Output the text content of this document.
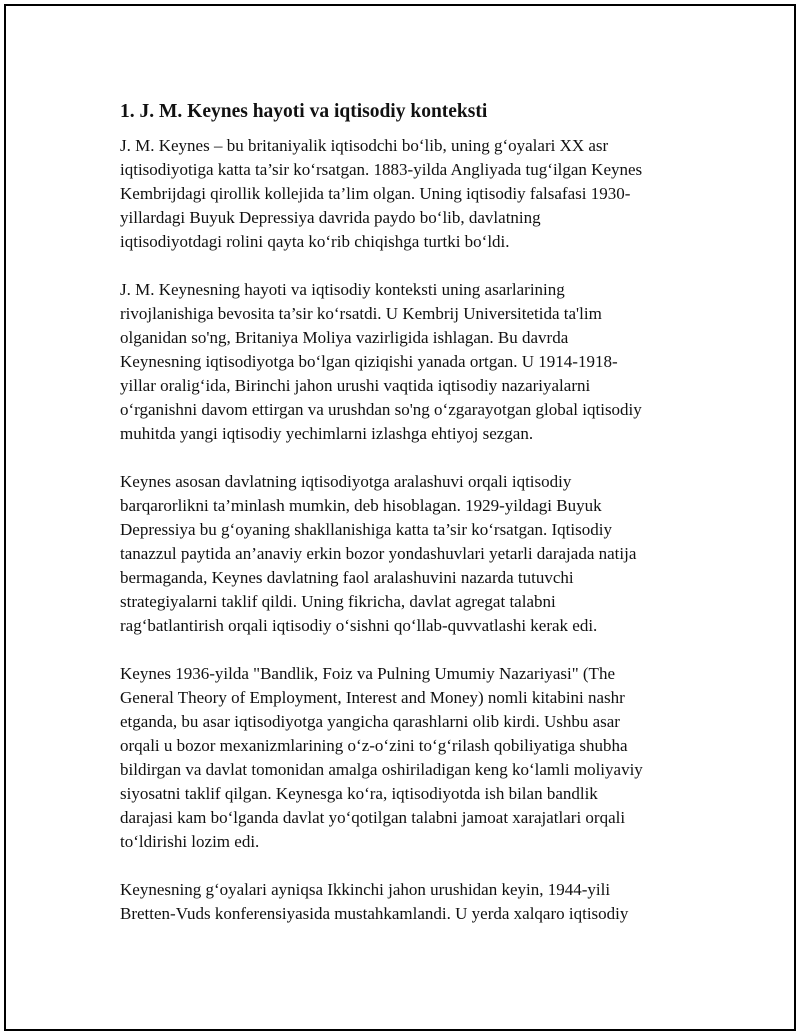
1. J. M. Keynes hayoti va iqtisodiy konteksti

J. M. Keynes – bu britaniyalik iqtisodchi bo‘lib, uning g‘oyalari XX asr
iqtisodiyotiga katta ta’sir ko‘rsatgan. 1883-yilda Angliyada tug‘ilgan Keynes
Kembrijdagi qirollik kollejida ta’lim olgan. Uning iqtisodiy falsafasi 1930-
yillardagi Buyuk Depressiya davrida paydo bo‘lib, davlatning
iqtisodiyotdagi rolini qayta ko‘rib chiqishga turtki bo‘ldi.

J. M. Keynesning hayoti va iqtisodiy konteksti uning asarlarining
rivojlanishiga bevosita ta’sir ko‘rsatdi. U Kembrij Universitetida ta'lim
olganidan so'ng, Britaniya Moliya vazirligida ishlagan. Bu davrda
Keynesning iqtisodiyotga bo‘lgan qiziqishi yanada ortgan. U 1914-1918-
yillar oralig‘ida, Birinchi jahon urushi vaqtida iqtisodiy nazariyalarni
o‘rganishni davom ettirgan va urushdan so'ng o‘zgarayotgan global iqtisodiy
muhitda yangi iqtisodiy yechimlarni izlashga ehtiyoj sezgan.

Keynes asosan davlatning iqtisodiyotga aralashuvi orqali iqtisodiy
barqarorlikni ta’minlash mumkin, deb hisoblagan. 1929-yildagi Buyuk
Depressiya bu g‘oyaning shakllanishiga katta ta’sir ko‘rsatgan. Iqtisodiy
tanazzul paytida an’anaviy erkin bozor yondashuvlari yetarli darajada natija
bermaganda, Keynes davlatning faol aralashuvini nazarda tutuvchi
strategiyalarni taklif qildi. Uning fikricha, davlat agregat talabni
rag‘batlantirish orqali iqtisodiy o‘sishni qo‘llab-quvvatlashi kerak edi.

Keynes 1936-yilda "Bandlik, Foiz va Pulning Umumiy Nazariyasi" (The
General Theory of Employment, Interest and Money) nomli kitabini nashr
etganda, bu asar iqtisodiyotga yangicha qarashlarni olib kirdi. Ushbu asar
orqali u bozor mexanizmlarining o‘z-o‘zini to‘g‘rilash qobiliyatiga shubha
bildirgan va davlat tomonidan amalga oshiriladigan keng ko‘lamli moliyaviy
siyosatni taklif qilgan. Keynesga ko‘ra, iqtisodiyotda ish bilan bandlik
darajasi kam bo‘lganda davlat yo‘qotilgan talabni jamoat xarajatlari orqali
to‘ldirishi lozim edi.

Keynesning g‘oyalari ayniqsa Ikkinchi jahon urushidan keyin, 1944-yili
Bretten-Vuds konferensiyasida mustahkamlandi. U yerda xalqaro iqtisodiy
